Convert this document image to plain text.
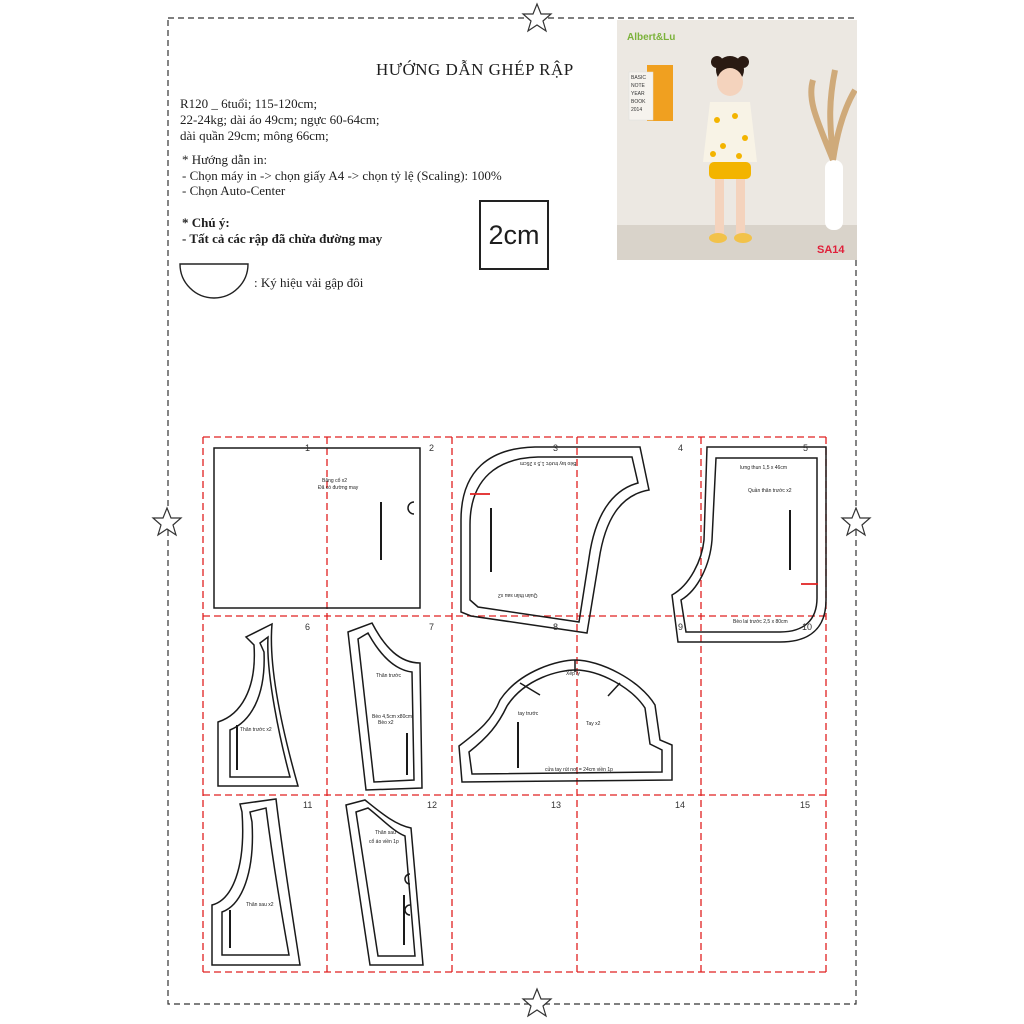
HƯỚNG DẪN GHÉP RẬP
R120 _ 6tuổi; 115-120cm;
22-24kg; dài áo 49cm; ngực 60-64cm;
dài quần 29cm; mông 66cm;
* Hướng dẫn in:
- Chọn máy in -> chọn giấy A4 -> chọn tỷ lệ (Scaling): 100%
- Chọn Auto-Center
* Chú ý:
- Tất cả các rập đã chừa đường may	2cm
: Ký hiệu vải gập đôi
Albert&Lu
BASIC
NOTE
YEAR
BOOK
2014
SA14
1	2	3	4	5
6	7	8	9	10
11	12	13	14	15
Băng cổ x2
Đã có đường may
Quần thân sau x2
Bèo tay trước 1,5 x 26cm
lưng thun 1,5 x 46cm
Quần thân trước x2
Bèo lai trước 2,5 x 80cm
Thân trước x2
Thân trước
Bèo 4,5cm x80cm
Bèo x2
Xếp ly
tay trước
Tay x2
cửa tay rút nơi = 24cm viền 1p
Thân sau x2
Thân sau
cổ áo viền 1p
